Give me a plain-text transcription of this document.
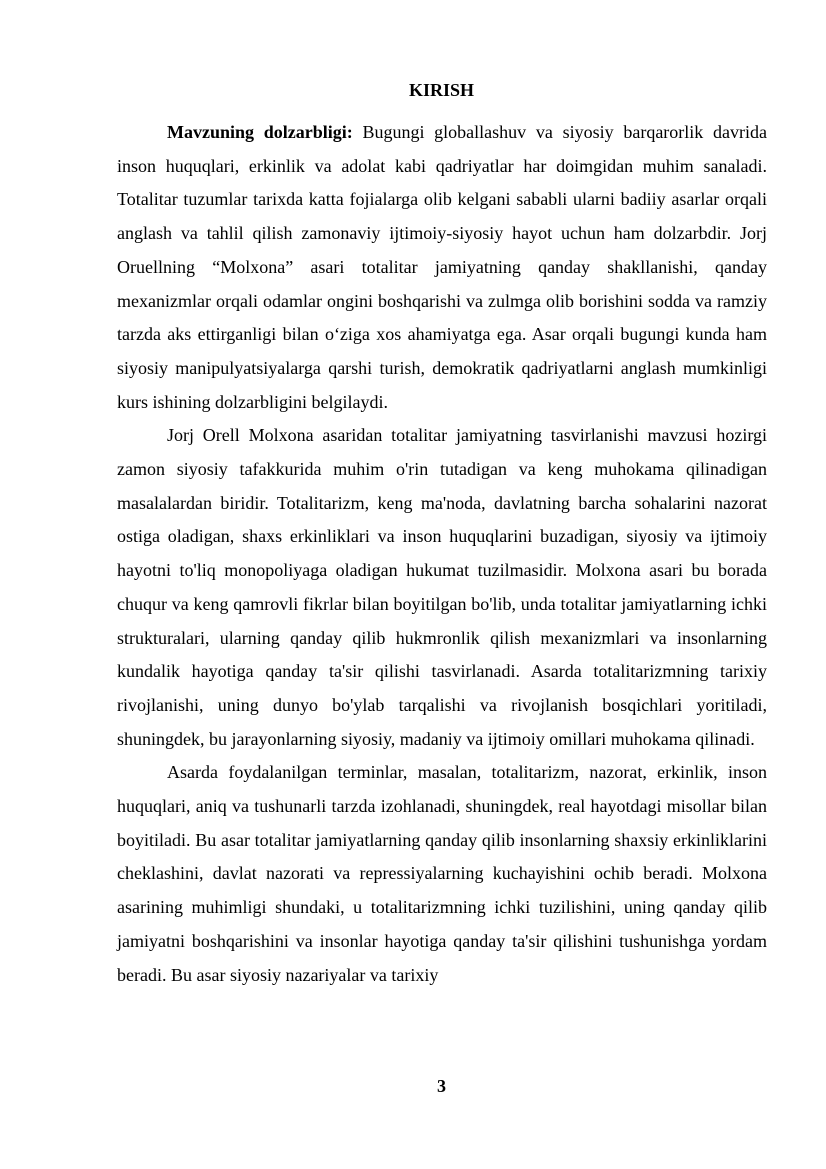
KIRISH

Mavzuning dolzarbligi: Bugungi globallashuv va siyosiy barqarorlik davrida inson huquqlari, erkinlik va adolat kabi qadriyatlar har doimgidan muhim sanaladi. Totalitar tuzumlar tarixda katta fojialarga olib kelgani sababli ularni badiiy asarlar orqali anglash va tahlil qilish zamonaviy ijtimoiy-siyosiy hayot uchun ham dolzarbdir. Jorj Oruellning “Molxona” asari totalitar jamiyatning qanday shakllanishi, qanday mexanizmlar orqali odamlar ongini boshqarishi va zulmga olib borishini sodda va ramziy tarzda aks ettirganligi bilan o‘ziga xos ahamiyatga ega. Asar orqali bugungi kunda ham siyosiy manipulyatsiyalarga qarshi turish, demokratik qadriyatlarni anglash mumkinligi kurs ishining dolzarbligini belgilaydi.

Jorj Orell Molxona asaridan totalitar jamiyatning tasvirlanishi mavzusi hozirgi zamon siyosiy tafakkurida muhim o'rin tutadigan va keng muhokama qilinadigan masalalardan biridir. Totalitarizm, keng ma'noda, davlatning barcha sohalarini nazorat ostiga oladigan, shaxs erkinliklari va inson huquqlarini buzadigan, siyosiy va ijtimoiy hayotni to'liq monopoliyaga oladigan hukumat tuzilmasidir. Molxona asari bu borada chuqur va keng qamrovli fikrlar bilan boyitilgan bo'lib, unda totalitar jamiyatlarning ichki strukturalari, ularning qanday qilib hukmronlik qilish mexanizmlari va insonlarning kundalik hayotiga qanday ta'sir qilishi tasvirlanadi. Asarda totalitarizmning tarixiy rivojlanishi, uning dunyo bo'ylab tarqalishi va rivojlanish bosqichlari yoritiladi, shuningdek, bu jarayonlarning siyosiy, madaniy va ijtimoiy omillari muhokama qilinadi.

Asarda foydalanilgan terminlar, masalan, totalitarizm, nazorat, erkinlik, inson huquqlari, aniq va tushunarli tarzda izohlanadi, shuningdek, real hayotdagi misollar bilan boyitiladi. Bu asar totalitar jamiyatlarning qanday qilib insonlarning shaxsiy erkinliklarini cheklashini, davlat nazorati va repressiyalarning kuchayishini ochib beradi. Molxona asarining muhimligi shundaki, u totalitarizmning ichki tuzilishini, uning qanday qilib jamiyatni boshqarishini va insonlar hayotiga qanday ta'sir qilishini tushunishga yordam beradi. Bu asar siyosiy nazariyalar va tarixiy

3
